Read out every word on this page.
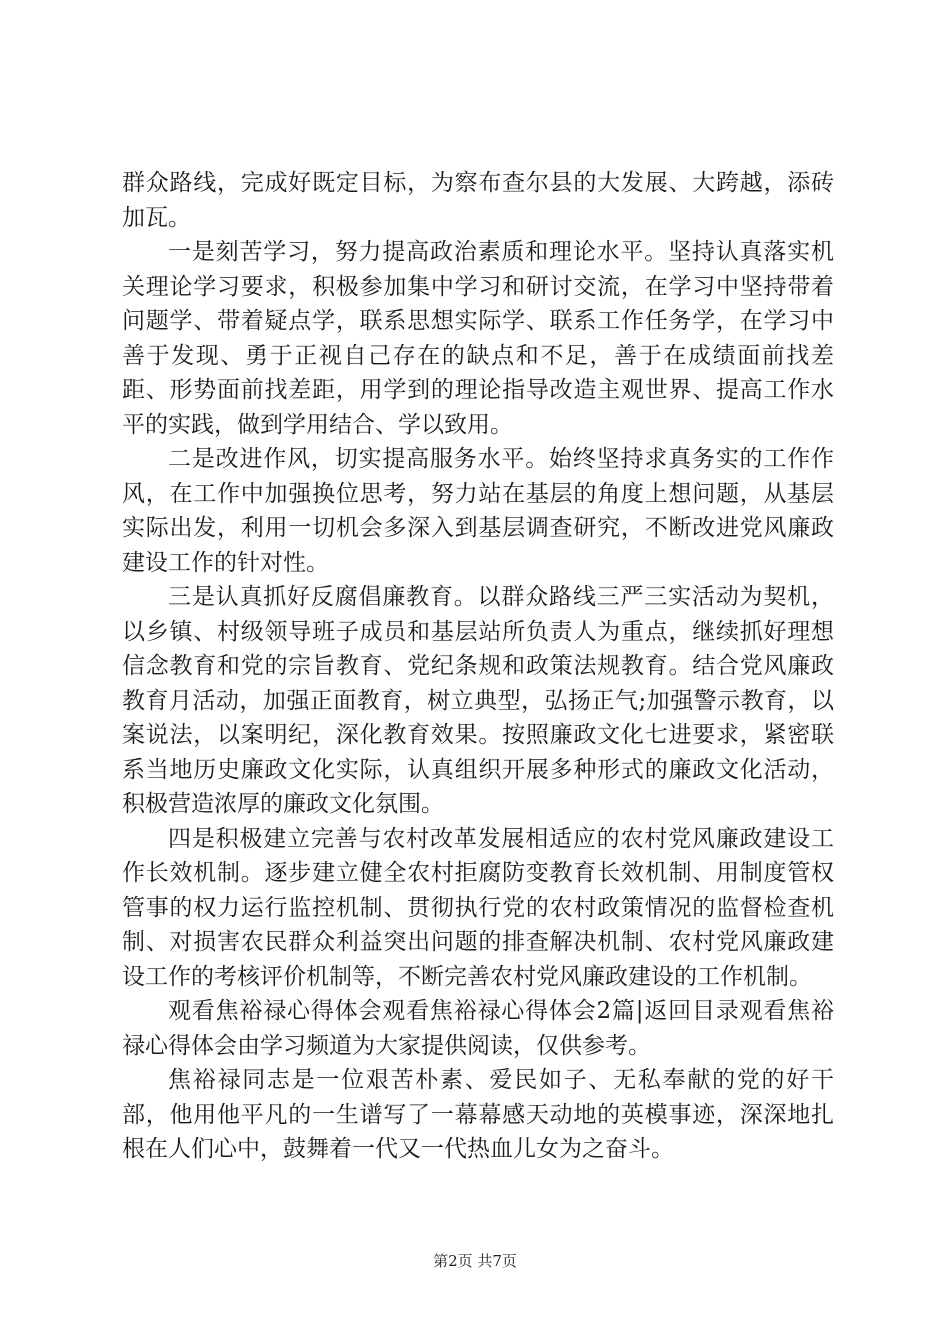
群众路线，完成好既定目标，为察布查尔县的大发展、大跨越，添砖加瓦。

一是刻苦学习，努力提高政治素质和理论水平。坚持认真落实机关理论学习要求，积极参加集中学习和研讨交流，在学习中坚持带着问题学、带着疑点学，联系思想实际学、联系工作任务学，在学习中善于发现、勇于正视自己存在的缺点和不足，善于在成绩面前找差距、形势面前找差距，用学到的理论指导改造主观世界、提高工作水平的实践，做到学用结合、学以致用。

二是改进作风，切实提高服务水平。始终坚持求真务实的工作作风，在工作中加强换位思考，努力站在基层的角度上想问题，从基层实际出发，利用一切机会多深入到基层调查研究，不断改进党风廉政建设工作的针对性。

三是认真抓好反腐倡廉教育。以群众路线三严三实活动为契机，以乡镇、村级领导班子成员和基层站所负责人为重点，继续抓好理想信念教育和党的宗旨教育、党纪条规和政策法规教育。结合党风廉政教育月活动，加强正面教育，树立典型，弘扬正气;加强警示教育，以案说法，以案明纪，深化教育效果。按照廉政文化七进要求，紧密联系当地历史廉政文化实际，认真组织开展多种形式的廉政文化活动，积极营造浓厚的廉政文化氛围。

四是积极建立完善与农村改革发展相适应的农村党风廉政建设工作长效机制。逐步建立健全农村拒腐防变教育长效机制、用制度管权管事的权力运行监控机制、贯彻执行党的农村政策情况的监督检查机制、对损害农民群众利益突出问题的排查解决机制、农村党风廉政建设工作的考核评价机制等，不断完善农村党风廉政建设的工作机制。

观看焦裕禄心得体会观看焦裕禄心得体会2篇|返回目录观看焦裕禄心得体会由学习频道为大家提供阅读，仅供参考。

焦裕禄同志是一位艰苦朴素、爱民如子、无私奉献的党的好干部，他用他平凡的一生谱写了一幕幕感天动地的英模事迹，深深地扎根在人们心中，鼓舞着一代又一代热血儿女为之奋斗。

第2页 共7页
